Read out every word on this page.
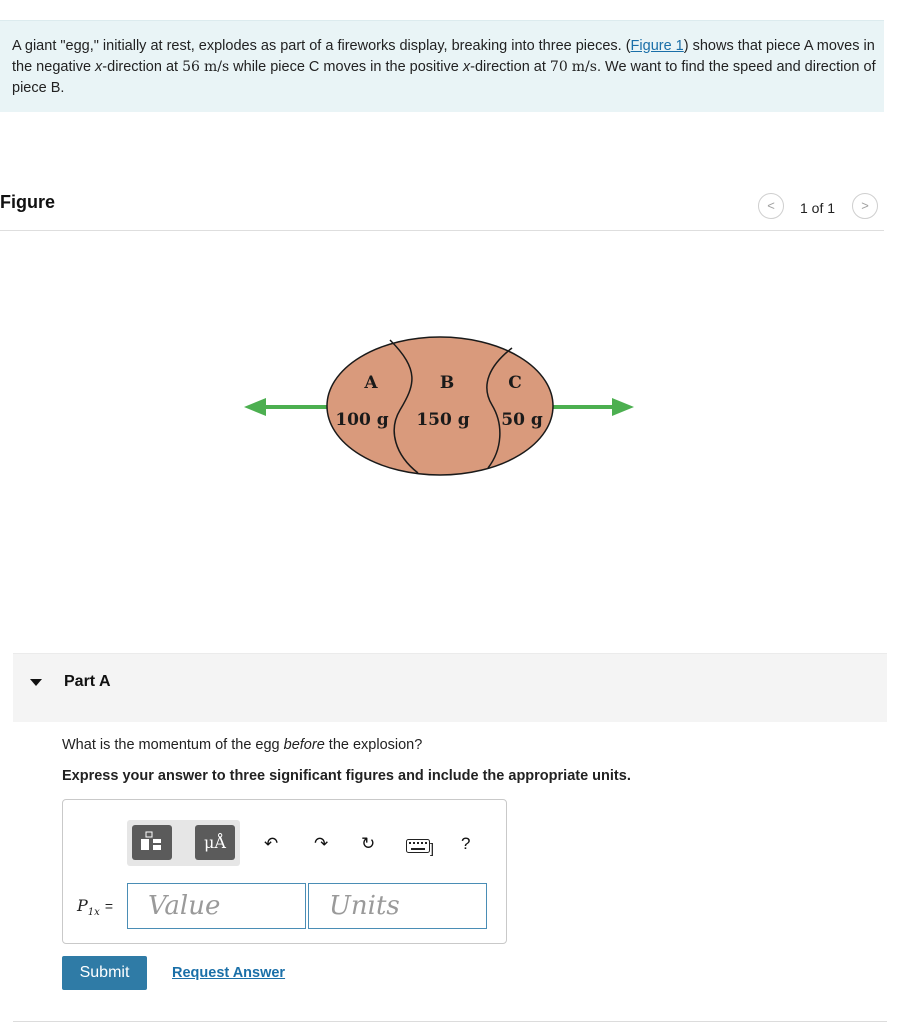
A giant "egg," initially at rest, explodes as part of a fireworks display, breaking into three pieces. (Figure 1) shows that piece A moves in the negative x-direction at 56 m/s while piece C moves in the positive x-direction at 70 m/s. We want to find the speed and direction of piece B.

Figure	<	1 of 1	>
A
100 g
B
150 g
C
50 g
Part A
What is the momentum of the egg before the explosion?
Express your answer to three significant figures and include the appropriate units.
μÅ	↶ ↷ ↻	] ?
$P_{1x}$ =	Value	Units
Submit	Request Answer
